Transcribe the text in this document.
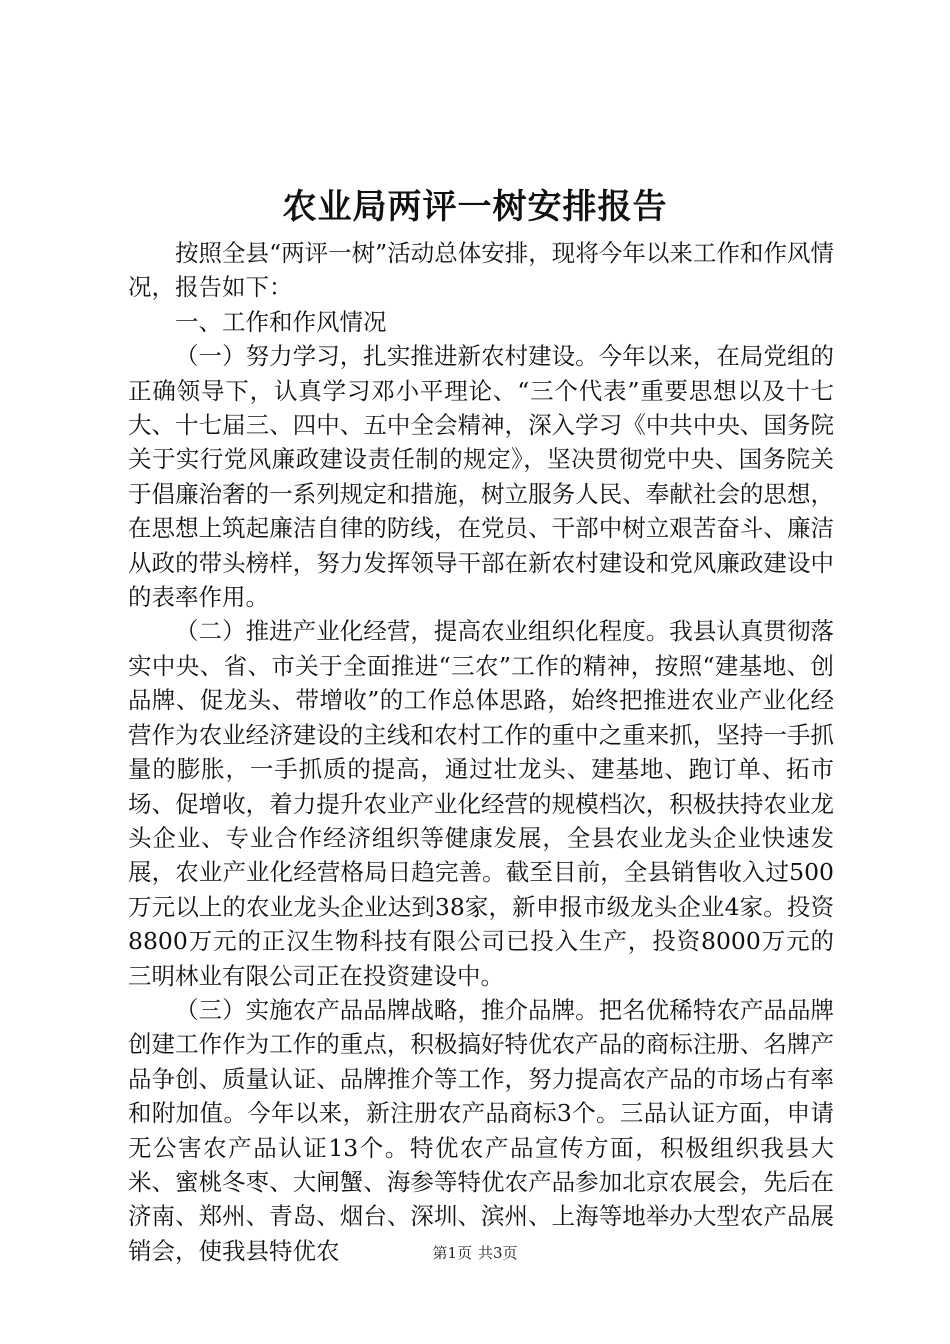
农业局两评一树安排报告

按照全县“两评一树”活动总体安排，现将今年以来工作和作风情况，报告如下：

一、工作和作风情况

（一）努力学习，扎实推进新农村建设。今年以来，在局党组的正确领导下，认真学习邓小平理论、“三个代表”重要思想以及十七大、十七届三、四中、五中全会精神，深入学习《中共中央、国务院关于实行党风廉政建设责任制的规定》，坚决贯彻党中央、国务院关于倡廉治奢的一系列规定和措施，树立服务人民、奉献社会的思想，在思想上筑起廉洁自律的防线，在党员、干部中树立艰苦奋斗、廉洁从政的带头榜样，努力发挥领导干部在新农村建设和党风廉政建设中的表率作用。

（二）推进产业化经营，提高农业组织化程度。我县认真贯彻落实中央、省、市关于全面推进“三农”工作的精神，按照“建基地、创品牌、促龙头、带增收”的工作总体思路，始终把推进农业产业化经营作为农业经济建设的主线和农村工作的重中之重来抓，坚持一手抓量的膨胀，一手抓质的提高，通过壮龙头、建基地、跑订单、拓市场、促增收，着力提升农业产业化经营的规模档次，积极扶持农业龙头企业、专业合作经济组织等健康发展，全县农业龙头企业快速发展，农业产业化经营格局日趋完善。截至目前，全县销售收入过500万元以上的农业龙头企业达到38家，新申报市级龙头企业4家。投资8800万元的正汉生物科技有限公司已投入生产，投资8000万元的三明林业有限公司正在投资建设中。

（三）实施农产品品牌战略，推介品牌。把名优稀特农产品品牌创建工作作为工作的重点，积极搞好特优农产品的商标注册、名牌产品争创、质量认证、品牌推介等工作，努力提高农产品的市场占有率和附加值。今年以来，新注册农产品商标3个。三品认证方面，申请无公害农产品认证13个。特优农产品宣传方面，积极组织我县大米、蜜桃冬枣、大闸蟹、海参等特优农产品参加北京农展会，先后在济南、郑州、青岛、烟台、深圳、滨州、上海等地举办大型农产品展销会，使我县特优农	第1页 共3页
